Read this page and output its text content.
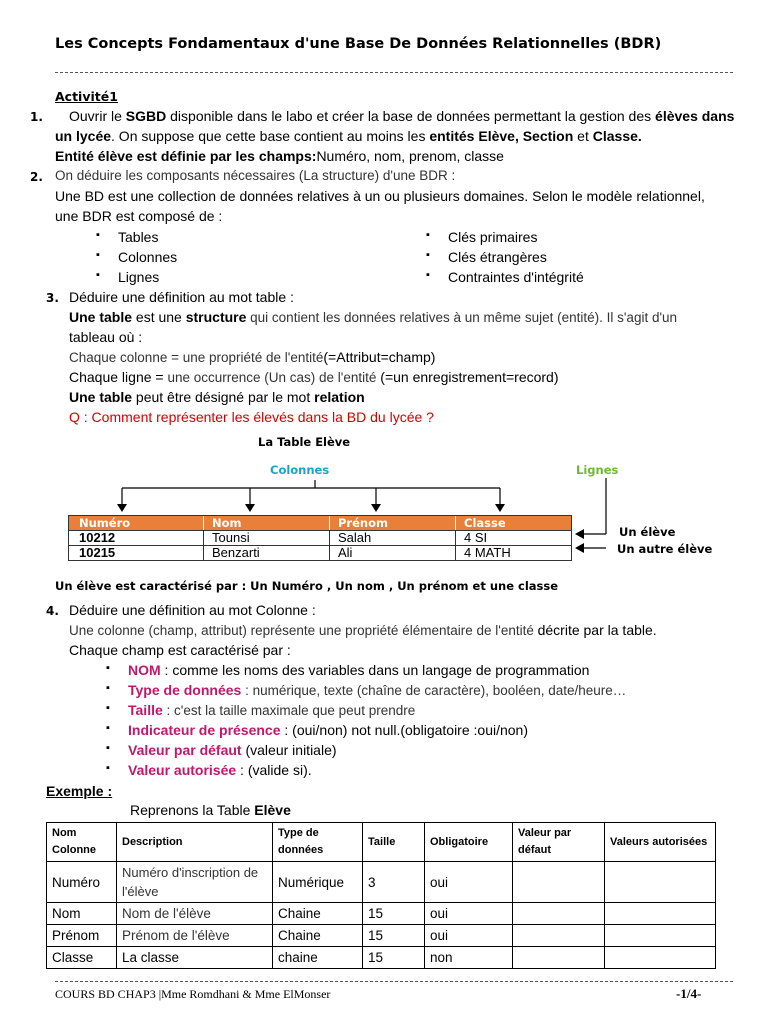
Les Concepts Fondamentaux d'une Base De Données Relationnelles (BDR)
Activité1
1. Ouvrir le SGBD disponible dans le labo et créer la base de données permettant la gestion des élèves dans
un lycée. On suppose que cette base contient au moins les entités Elève, Section et Classe.
Entité élève est définie par les champs:Numéro, nom, prenom, classe
2. On déduire les composants nécessaires (La structure) d'une BDR :
Une BD est une collection de données relatives à un ou plusieurs domaines. Selon le modèle relationnel,
une BDR est composé de :
▪ Tables
▪ Colonnes
▪ Lignes
▪ Clés primaires
▪ Clés étrangères
▪ Contraintes d'intégrité
3. Déduire une définition au mot table :
Une table est une structure qui contient les données relatives à un même sujet (entité). Il s'agit d'un
tableau où :
Chaque colonne = une propriété de l'entité(=Attribut=champ)
Chaque ligne = une occurrence (Un cas) de l'entité (=un enregistrement=record)
Une table peut être désigné par le mot relation
Q : Comment représenter les élevés dans la BD du lycée ?
La Table Elève
Colonnes	Lignes
Numéro	Nom	Prénom	Classe
10212	Tounsi	Salah	4 SI
10215	Benzarti	Ali	4 MATH
Un élève
Un autre élève
Un élève est caractérisé par : Un Numéro , Un nom , Un prénom et une classe
4. Déduire une définition au mot Colonne :
Une colonne (champ, attribut) représente une propriété élémentaire de l'entité décrite par la table.
Chaque champ est caractérisé par :
▪ NOM : comme les noms des variables dans un langage de programmation
▪ Type de données : numérique, texte (chaîne de caractère), booléen, date/heure…
▪ Taille : c'est la taille maximale que peut prendre
▪ Indicateur de présence : (oui/non) not null.(obligatoire :oui/non)
▪ Valeur par défaut (valeur initiale)
▪ Valeur autorisée : (valide si).
Exemple :
Reprenons la Table Elève
Nom Colonne	Description	Type de données	Taille	Obligatoire	Valeur par défaut	Valeurs autorisées
Numéro	Numéro d'inscription de l'élève	Numérique	3	oui		
Nom	Nom de l'élève	Chaine	15	oui		
Prénom	Prénom de l'élève	Chaine	15	oui		
Classe	La classe	chaine	15	non		
COURS BD CHAP3 |Mme Romdhani & Mme ElMonser	-1/4-
